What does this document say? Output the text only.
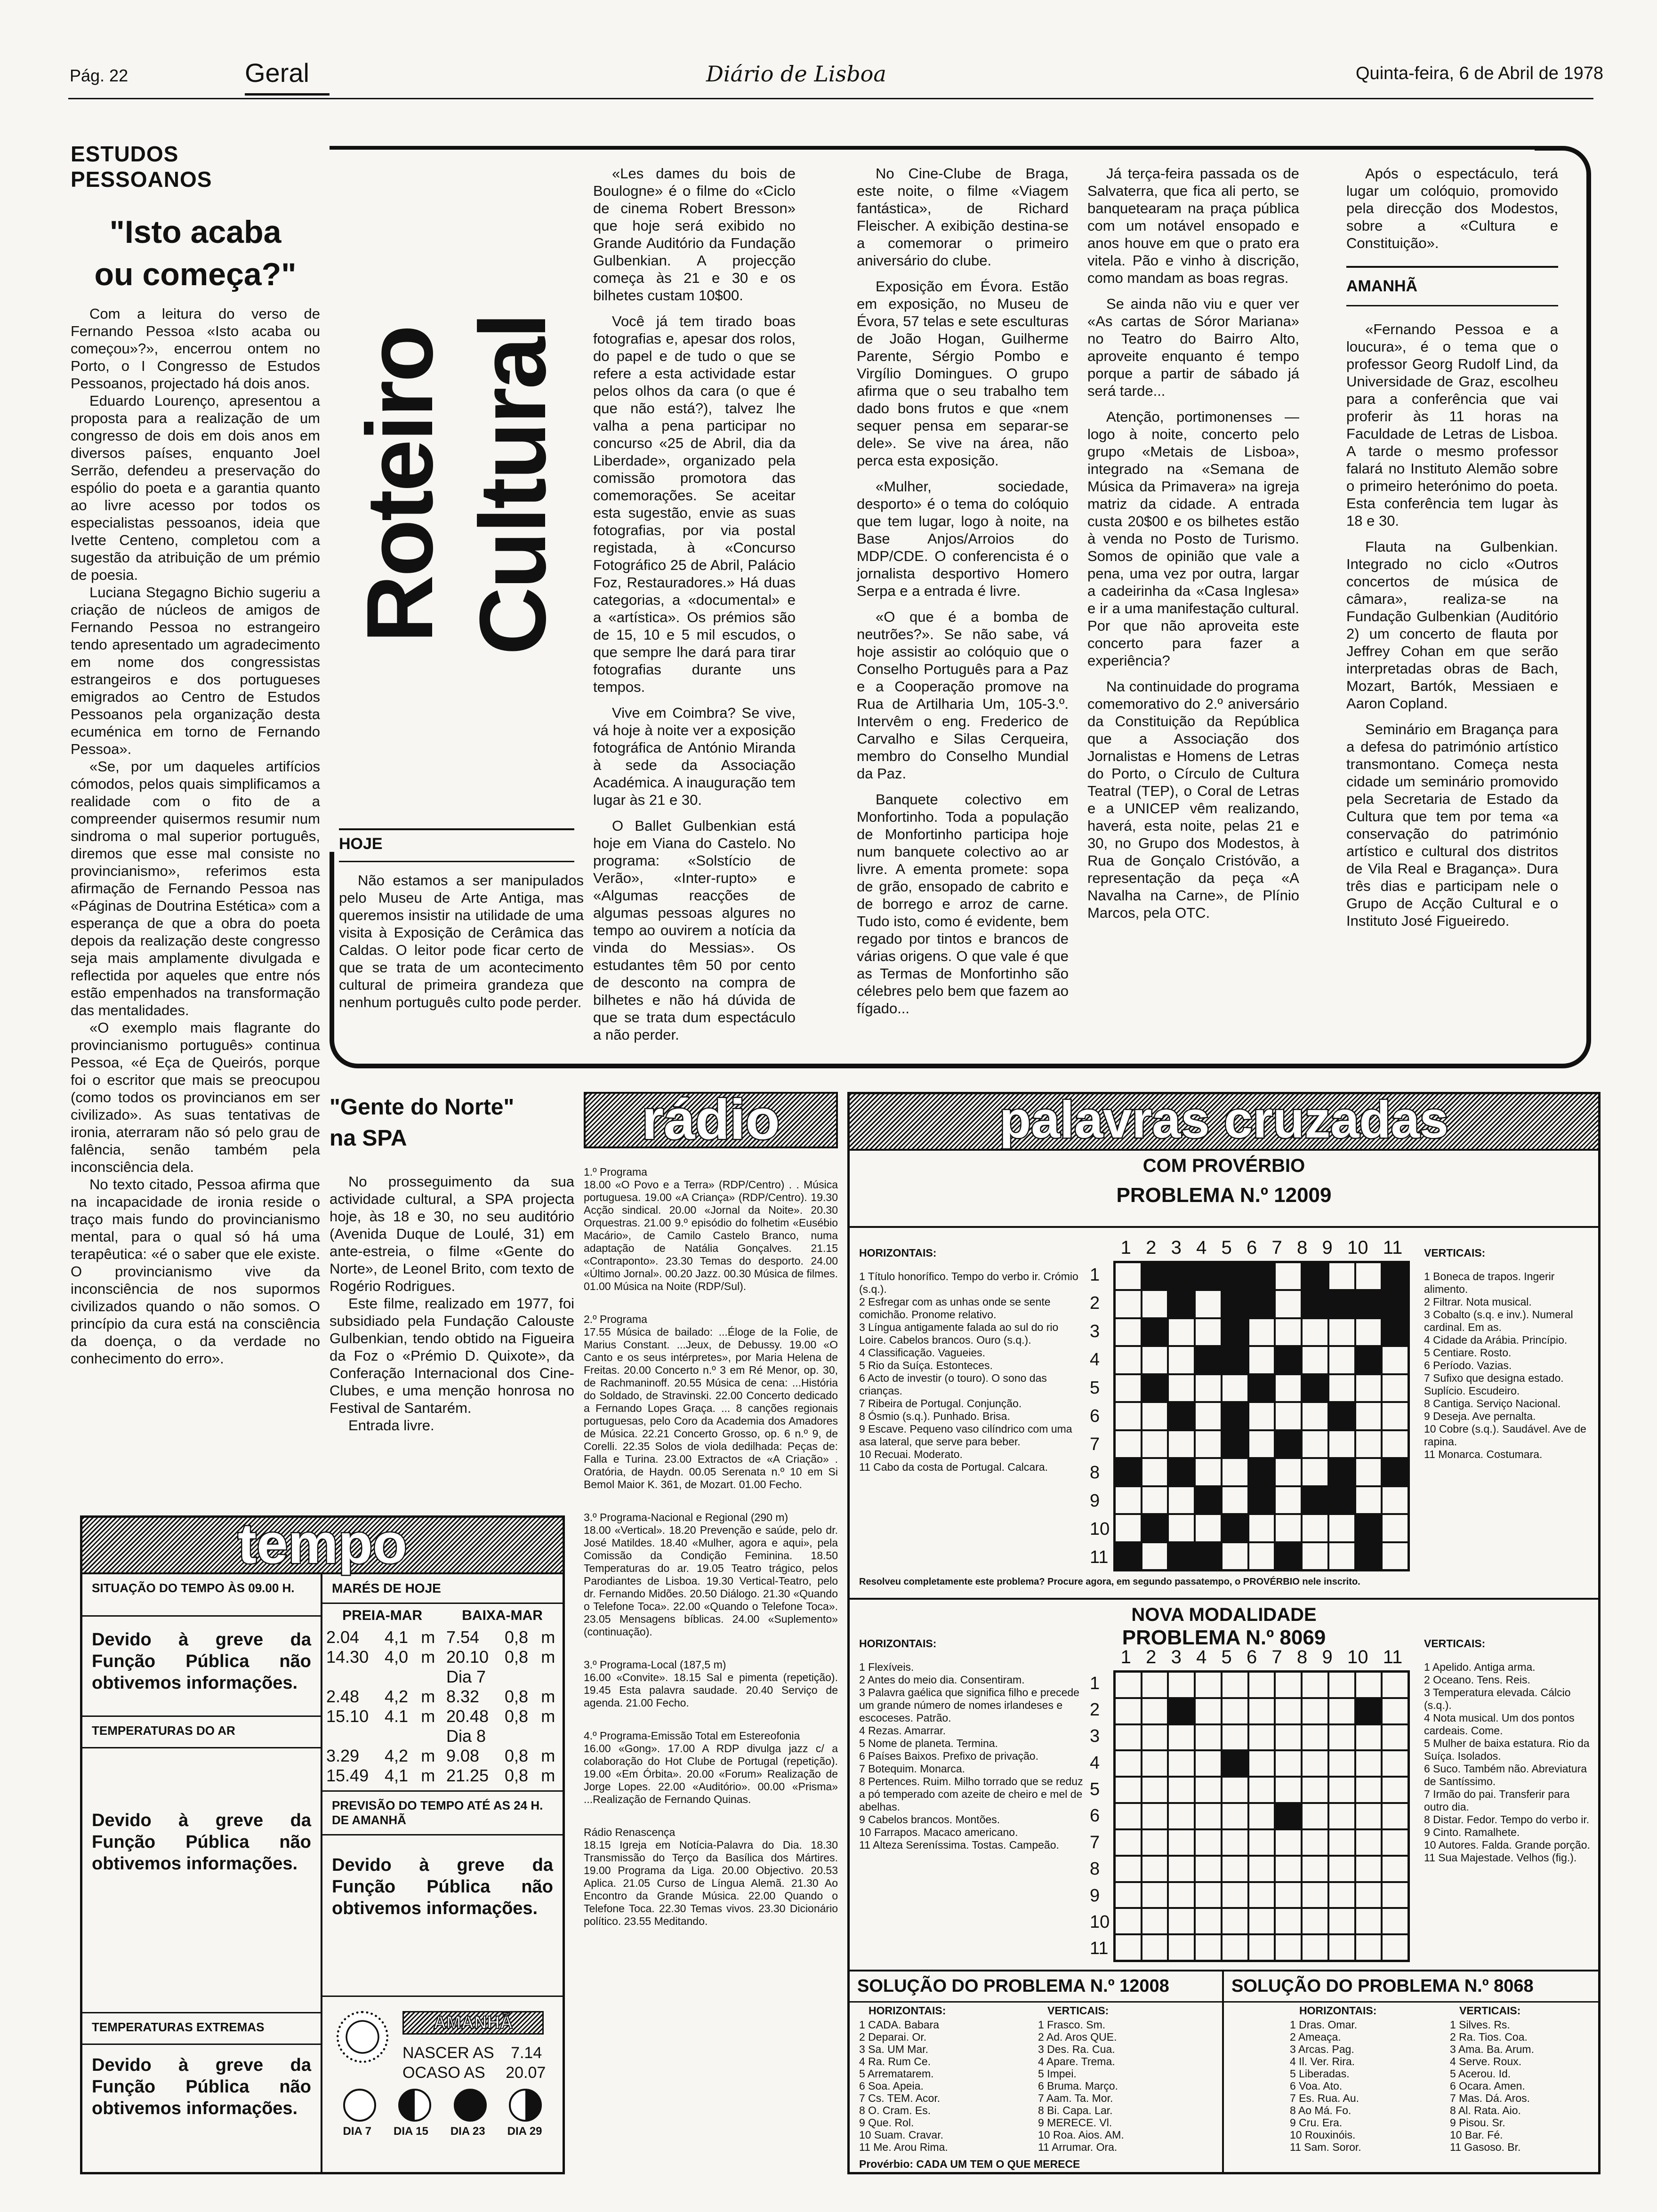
Pág. 22	Geral	Diário de Lisboa	Quinta-feira, 6 de Abril de 1978
ESTUDOS PESSOANOS
"Isto acaba
ou começa?"

Com a leitura do verso de Fernando Pessoa «Isto acaba ou começou»?», encerrou ontem no Porto, o I Congresso de Estudos Pessoanos, projectado há dois anos.

Eduardo Lourenço, apresentou a proposta para a realização de um congresso de dois em dois anos em diversos países, enquanto Joel Serrão, defendeu a preservação do espólio do poeta e a garantia quanto ao livre acesso por todos os especialistas pessoanos, ideia que Ivette Centeno, completou com a sugestão da atribuição de um prémio de poesia.

Luciana Stegagno Bichio sugeriu a criação de núcleos de amigos de Fernando Pessoa no estrangeiro tendo apresentado um agradecimento em nome dos congressistas estrangeiros e dos portugueses emigrados ao Centro de Estudos Pessoanos pela organização desta ecuménica em torno de Fernando Pessoa».

«Se, por um daqueles artifícios cómodos, pelos quais simplificamos a realidade com o fito de a compreender quisermos resumir num sindroma o mal superior português, diremos que esse mal consiste no provincianismo», referimos esta afirmação de Fernando Pessoa nas «Páginas de Doutrina Estética» com a esperança de que a obra do poeta depois da realização deste congresso seja mais amplamente divulgada e reflectida por aqueles que entre nós estão empenhados na transformação das mentalidades.

«O exemplo mais flagrante do provincianismo português» continua Pessoa, «é Eça de Queirós, porque foi o escritor que mais se preocupou (como todos os provincianos em ser civilizado». As suas tentativas de ironia, aterraram não só pelo grau de falência, senão também pela inconsciência dela.

No texto citado, Pessoa afirma que na incapacidade de ironia reside o traço mais fundo do provincianismo mental, para o qual só há uma terapêutica: «é o saber que ele existe. O provincianismo vive da inconsciência de nos supormos civilizados quando o não somos. O princípio da cura está na consciência da doença, o da verdade no conhecimento do erro».

Roteiro Cultural
HOJE

Não estamos a ser manipulados pelo Museu de Arte Antiga, mas queremos insistir na utilidade de uma visita à Exposição de Cerâmica das Caldas. O leitor pode ficar certo de que se trata de um acontecimento cultural de primeira grandeza que nenhum português culto pode perder.

«Les dames du bois de Boulogne» é o filme do «Ciclo de cinema Robert Bresson» que hoje será exibido no Grande Auditório da Fundação Gulbenkian. A projecção começa às 21 e 30 e os bilhetes custam 10$00.

Você já tem tirado boas fotografias e, apesar dos rolos, do papel e de tudo o que se refere a esta actividade estar pelos olhos da cara (o que é que não está?), talvez lhe valha a pena participar no concurso «25 de Abril, dia da Liberdade», organizado pela comissão promotora das comemorações. Se aceitar esta sugestão, envie as suas fotografias, por via postal registada, à «Concurso Fotográfico 25 de Abril, Palácio Foz, Restauradores.» Há duas categorias, a «documental» e a «artística». Os prémios são de 15, 10 e 5 mil escudos, o que sempre lhe dará para tirar fotografias durante uns tempos.

Vive em Coimbra? Se vive, vá hoje à noite ver a exposição fotográfica de António Miranda à sede da Associação Académica. A inauguração tem lugar às 21 e 30.

O Ballet Gulbenkian está hoje em Viana do Castelo. No programa: «Solstício de Verão», «Inter-rupto» e «Algumas reacções de algumas pessoas algures no tempo ao ouvirem a notícia da vinda do Messias». Os estudantes têm 50 por cento de desconto na compra de bilhetes e não há dúvida de que se trata dum espectáculo a não perder.

No Cine-Clube de Braga, este noite, o filme «Viagem fantástica», de Richard Fleischer. A exibição destina-se a comemorar o primeiro aniversário do clube.

Exposição em Évora. Estão em exposição, no Museu de Évora, 57 telas e sete esculturas de João Hogan, Guilherme Parente, Sérgio Pombo e Virgílio Domingues. O grupo afirma que o seu trabalho tem dado bons frutos e que «nem sequer pensa em separar-se dele». Se vive na área, não perca esta exposição.

«Mulher, sociedade, desporto» é o tema do colóquio que tem lugar, logo à noite, na Base Anjos/Arroios do MDP/CDE. O conferencista é o jornalista desportivo Homero Serpa e a entrada é livre.

«O que é a bomba de neutrões?». Se não sabe, vá hoje assistir ao colóquio que o Conselho Português para a Paz e a Cooperação promove na Rua de Artilharia Um, 105-3.º. Intervêm o eng. Frederico de Carvalho e Silas Cerqueira, membro do Conselho Mundial da Paz.

Banquete colectivo em Monfortinho. Toda a população de Monfortinho participa hoje num banquete colectivo ao ar livre. A ementa promete: sopa de grão, ensopado de cabrito e de borrego e arroz de carne. Tudo isto, como é evidente, bem regado por tintos e brancos de várias origens. O que vale é que as Termas de Monfortinho são célebres pelo bem que fazem ao fígado...

Já terça-feira passada os de Salvaterra, que fica ali perto, se banquetearam na praça pública com um notável ensopado e anos houve em que o prato era vitela. Pão e vinho à discrição, como mandam as boas regras.

Se ainda não viu e quer ver «As cartas de Sóror Mariana» no Teatro do Bairro Alto, aproveite enquanto é tempo porque a partir de sábado já será tarde...

Atenção, portimonenses — logo à noite, concerto pelo grupo «Metais de Lisboa», integrado na «Semana de Música da Primavera» na igreja matriz da cidade. A entrada custa 20$00 e os bilhetes estão à venda no Posto de Turismo. Somos de opinião que vale a pena, uma vez por outra, largar a cadeirinha da «Casa Inglesa» e ir a uma manifestação cultural. Por que não aproveita este concerto para fazer a experiência?

Na continuidade do programa comemorativo do 2.º aniversário da Constituição da República que a Associação dos Jornalistas e Homens de Letras do Porto, o Círculo de Cultura Teatral (TEP), o Coral de Letras e a UNICEP vêm realizando, haverá, esta noite, pelas 21 e 30, no Grupo dos Modestos, à Rua de Gonçalo Cristóvão, a representação da peça «A Navalha na Carne», de Plínio Marcos, pela OTC.

Após o espectáculo, terá lugar um colóquio, promovido pela direcção dos Modestos, sobre a «Cultura e Constituição».

AMANHÃ

«Fernando Pessoa e a loucura», é o tema que o professor Georg Rudolf Lind, da Universidade de Graz, escolheu para a conferência que vai proferir às 11 horas na Faculdade de Letras de Lisboa. A tarde o mesmo professor falará no Instituto Alemão sobre o primeiro heterónimo do poeta. Esta conferência tem lugar às 18 e 30.

Flauta na Gulbenkian. Integrado no ciclo «Outros concertos de música de câmara», realiza-se na Fundação Gulbenkian (Auditório 2) um concerto de flauta por Jeffrey Cohan em que serão interpretadas obras de Bach, Mozart, Bartók, Messiaen e Aaron Copland.

Seminário em Bragança para a defesa do património artístico transmontano. Começa nesta cidade um seminário promovido pela Secretaria de Estado da Cultura que tem por tema «a conservação do património artístico e cultural dos distritos de Vila Real e Bragança». Dura três dias e participam nele o Grupo de Acção Cultural e o Instituto José Figueiredo.

"Gente do Norte"
na SPA

No prosseguimento da sua actividade cultural, a SPA projecta hoje, às 18 e 30, no seu auditório (Avenida Duque de Loulé, 31) em ante-estreia, o filme «Gente do Norte», de Leonel Brito, com texto de Rogério Rodrigues.

Este filme, realizado em 1977, foi subsidiado pela Fundação Calouste Gulbenkian, tendo obtido na Figueira da Foz o «Prémio D. Quixote», da Conferação Internacional dos Cine-Clubes, e uma menção honrosa no Festival de Santarém.

Entrada livre.

rádio

1.º Programa
18.00 «O Povo e a Terra» (RDP/Centro) . . Música portuguesa. 19.00 «A Criança» (RDP/Centro). 19.30 Acção sindical. 20.00 «Jornal da Noite». 20.30 Orquestras. 21.00 9.º episódio do folhetim «Eusébio Macário», de Camilo Castelo Branco, numa adaptação de Natália Gonçalves. 21.15 «Contraponto». 23.30 Temas do desporto. 24.00 «Último Jornal». 00.20 Jazz. 00.30 Música de filmes. 01.00 Música na Noite (RDP/Sul).

2.º Programa
17.55 Música de bailado: ...Éloge de la Folie, de Marius Constant. ...Jeux, de Debussy. 19.00 «O Canto e os seus intérpretes», por Maria Helena de Freitas. 20.00 Concerto n.º 3 em Ré Menor, op. 30, de Rachmaninoff. 20.55 Música de cena: ...História do Soldado, de Stravinski. 22.00 Concerto dedicado a Fernando Lopes Graça. ... 8 canções regionais portuguesas, pelo Coro da Academia dos Amadores de Música. 22.21 Concerto Grosso, op. 6 n.º 9, de Corelli. 22.35 Solos de viola dedilhada: Peças de: Falla e Turina. 23.00 Extractos de «A Criação» . Oratória, de Haydn. 00.05 Serenata n.º 10 em Si Bemol Maior K. 361, de Mozart. 01.00 Fecho.

3.º Programa-Nacional e Regional (290 m)
18.00 «Vertical». 18.20 Prevenção e saúde, pelo dr. José Matildes. 18.40 «Mulher, agora e aqui», pela Comissão da Condição Feminina. 18.50 Temperaturas do ar. 19.05 Teatro trágico, pelos Parodiantes de Lisboa. 19.30 Vertical-Teatro, pelo dr. Fernando Midões. 20.50 Diálogo. 21.30 «Quando o Telefone Toca». 22.00 «Quando o Telefone Toca». 23.05 Mensagens bíblicas. 24.00 «Suplemento» (continuação).

3.º Programa-Local (187,5 m)
16.00 «Convite». 18.15 Sal e pimenta (repetição). 19.45 Esta palavra saudade. 20.40 Serviço de agenda. 21.00 Fecho.

4.º Programa-Emissão Total em Estereofonia
16.00 «Gong». 17.00 A RDP divulga jazz c/ a colaboração do Hot Clube de Portugal (repetição). 19.00 «Em Órbita». 20.00 «Forum» Realização de Jorge Lopes. 22.00 «Auditório». 00.00 «Prisma» ...Realização de Fernando Quinas.

Rádio Renascença
18.15 Igreja em Notícia-Palavra do Dia. 18.30 Transmissão do Terço da Basílica dos Mártires. 19.00 Programa da Liga. 20.00 Objectivo. 20.53 Aplica. 21.05 Curso de Língua Alemã. 21.30 Ao Encontro da Grande Música. 22.00 Quando o Telefone Toca. 22.30 Temas vivos. 23.30 Dicionário político. 23.55 Meditando.

tempo
SITUAÇÃO DO TEMPO ÀS 09.00 H.
Devido à greve da Função Pública não obtivemos informações.
TEMPERATURAS DO AR
Devido à greve da Função Pública não obtivemos informações.
TEMPERATURAS EXTREMAS
Devido à greve da Função Pública não obtivemos informações.
MARÉS DE HOJE
PREIA-MAR	BAIXA-MAR
2.04	4,1	m	7.54	0,8	m
14.30	4,0	m	20.10	0,8	m
			Dia 7		
2.48	4,2	m	8.32	0,8	m
15.10	4.1	m	20.48	0,8	m
			Dia 8		
3.29	4,2	m	9.08	0,8	m
15.49	4,1	m	21.25	0,8	m
PREVISÃO DO TEMPO ATÉ AS 24 H. DE AMANHÃ
Devido à greve da Função Pública não obtivemos informações.
AMANHÃ
NASCER AS 7.14
OCASO AS 20.07
DIA 7 DIA 15 DIA 23 DIA 29
palavras cruzadas
COM PROVÉRBIO
PROBLEMA N.º 12009
HORIZONTAIS:
1 Título honorífico. Tempo do verbo ir. Crómio (s.q.).
2 Esfregar com as unhas onde se sente comichão. Pronome relativo.
3 Língua antigamente falada ao sul do rio Loire. Cabelos brancos. Ouro (s.q.).
4 Classificação. Vagueies.
5 Rio da Suíça. Estonteces.
6 Acto de investir (o touro). O sono das crianças.
7 Ribeira de Portugal. Conjunção.
8 Ósmio (s.q.). Punhado. Brisa.
9 Escave. Pequeno vaso cilíndrico com uma asa lateral, que serve para beber.
10 Recuai. Moderato.
11 Cabo da costa de Portugal. Calcara.
1 2 3 4 5 6 7 8 9 10 11
1
2
3
4
5
6
7
8
9
10
11
VERTICAIS:
1 Boneca de trapos. Ingerir alimento.
2 Filtrar. Nota musical.
3 Cobalto (s.q. e inv.). Numeral cardinal. Em as.
4 Cidade da Arábia. Princípio.
5 Centiare. Rosto.
6 Período. Vazias.
7 Sufixo que designa estado. Suplício. Escudeiro.
8 Cantiga. Serviço Nacional.
9 Deseja. Ave pernalta.
10 Cobre (s.q.). Saudável. Ave de rapina.
11 Monarca. Costumara.
Resolveu completamente este problema? Procure agora, em segundo passatempo, o PROVÉRBIO nele inscrito.
NOVA MODALIDADE
PROBLEMA N.º 8069
HORIZONTAIS:
1 Flexíveis.
2 Antes do meio dia. Consentiram.
3 Palavra gaélica que significa filho e precede um grande número de nomes irlandeses e escoceses. Patrão.
4 Rezas. Amarrar.
5 Nome de planeta. Termina.
6 Países Baixos. Prefixo de privação.
7 Botequim. Monarca.
8 Pertences. Ruim. Milho torrado que se reduz a pó temperado com azeite de cheiro e mel de abelhas.
9 Cabelos brancos. Montões.
10 Farrapos. Macaco americano.
11 Alteza Sereníssima. Tostas. Campeão.
1 2 3 4 5 6 7 8 9 10 11
1
2
3
4
5
6
7
8
9
10
11
VERTICAIS:
1 Apelido. Antiga arma.
2 Oceano. Tens. Reis.
3 Temperatura elevada. Cálcio (s.q.).
4 Nota musical. Um dos pontos cardeais. Come.
5 Mulher de baixa estatura. Rio da Suíça. Isolados.
6 Suco. Também não. Abreviatura de Santíssimo.
7 Irmão do pai. Transferir para outro dia.
8 Distar. Fedor. Tempo do verbo ir.
9 Cinto. Ramalhete.
10 Autores. Falda. Grande porção.
11 Sua Majestade. Velhos (fig.).
SOLUÇÃO DO PROBLEMA N.º 12008
HORIZONTAIS:
1 CADA. Babara
2 Deparai. Or.
3 Sa. UM Mar.
4 Ra. Rum Ce.
5 Arrematarem.
6 Soa. Apeia.
7 Cs. TEM. Acor.
8 O. Cram. Es.
9 Que. Rol.
10 Suam. Cravar.
11 Me. Arou Rima.
VERTICAIS:
1 Frasco. Sm.
2 Ad. Aros QUE.
3 Des. Ra. Cua.
4 Apare. Trema.
5 Impei.
6 Bruma. Março.
7 Aam. Ta. Mor.
8 Bi. Capa. Lar.
9 MERECE. Vl.
10 Roa. Aios. AM.
11 Arrumar. Ora.
Provérbio: CADA UM TEM O QUE MERECE
SOLUÇÃO DO PROBLEMA N.º 8068
HORIZONTAIS:
1 Dras. Omar.
2 Ameaça.
3 Arcas. Pag.
4 Il. Ver. Rira.
5 Liberadas.
6 Voa. Ato.
7 Es. Rua. Au.
8 Ao Má. Fo.
9 Cru. Era.
10 Rouxinóis.
11 Sam. Soror.
VERTICAIS:
1 Silves. Rs.
2 Ra. Tios. Coa.
3 Ama. Ba. Arum.
4 Serve. Roux.
5 Acerou. Id.
6 Ocara. Amen.
7 Mas. Dá. Aros.
8 Al. Rata. Aio.
9 Pisou. Sr.
10 Bar. Fé.
11 Gasoso. Br.
